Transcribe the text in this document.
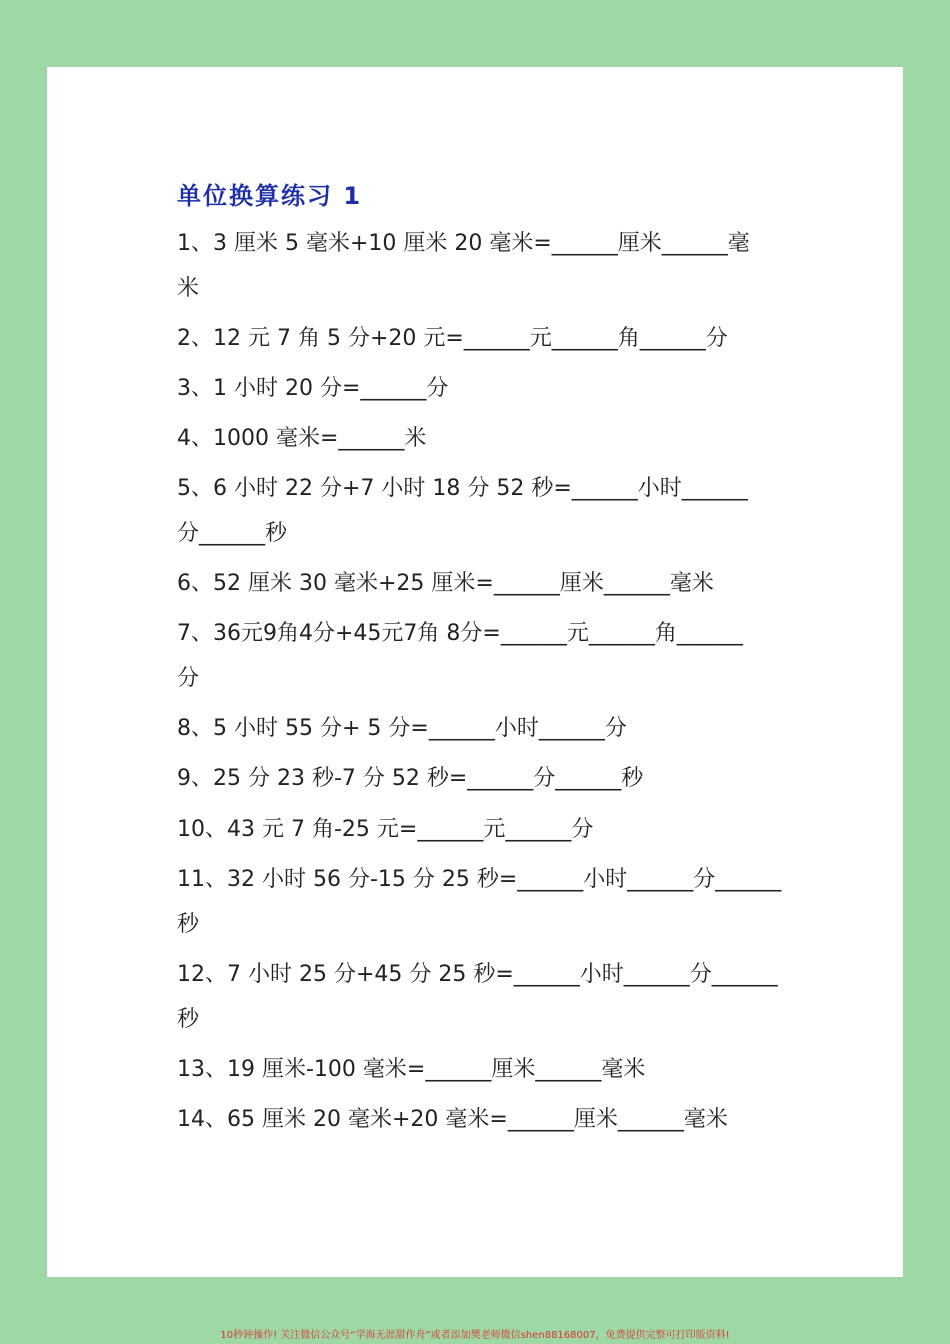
单位换算练习 1
1、3 厘米 5 毫米+10 厘米 20 毫米=______厘米______毫
米
2、12 元 7 角 5 分+20 元=______元______角______分
3、1 小时 20 分=______分
4、1000 毫米=______米
5、6 小时 22 分+7 小时 18 分 52 秒=______小时______
分______秒
6、52 厘米 30 毫米+25 厘米=______厘米______毫米
7、36元9角4分+45元7角 8分=______元______角______
分
8、5 小时 55 分+ 5 分=______小时______分
9、25 分 23 秒-7 分 52 秒=______分______秒
10、43 元 7 角-25 元=______元______分
11、32 小时 56 分-15 分 25 秒=______小时______分______
秒
12、7 小时 25 分+45 分 25 秒=______小时______分______
秒
13、19 厘米-100 毫米=______厘米______毫米
14、65 厘米 20 毫米+20 毫米=______厘米______毫米
10秒钟操作! 关注微信公众号“学海无涯甜作舟”或者添加樊老师微信shen88168007，免费提供完整可打印版资料!
